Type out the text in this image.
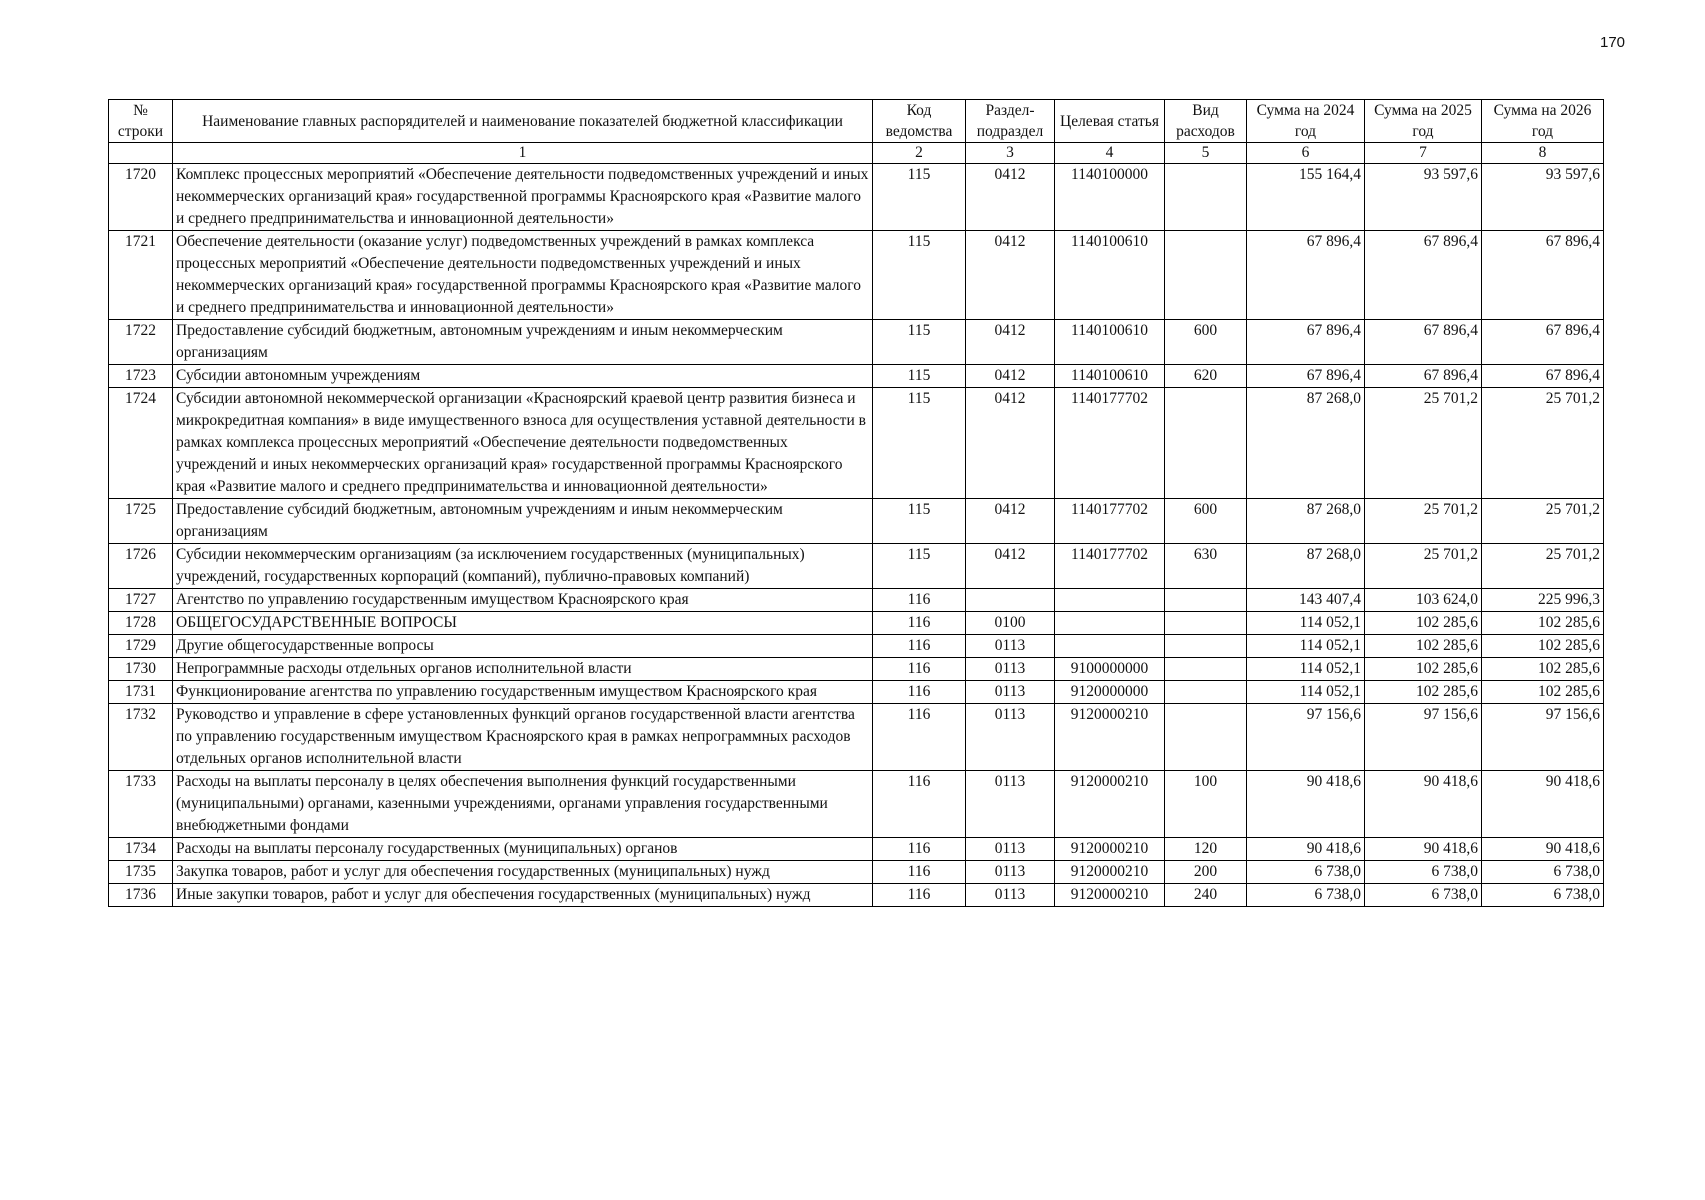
170
№ строки	Наименование главных распорядителей и наименование показателей бюджетной классификации	Код ведомства	Раздел-подраздел	Целевая статья	Вид расходов	Сумма на 2024 год	Сумма на 2025 год	Сумма на 2026 год
	1	2	3	4	5	6	7	8
1720	Комплекс процессных мероприятий «Обеспечение деятельности подведомственных учреждений и иных некоммерческих организаций края» государственной программы Красноярского края «Развитие малого и среднего предпринимательства и инновационной деятельности»	115	0412	1140100000		155 164,4	93 597,6	93 597,6
1721	Обеспечение деятельности (оказание услуг) подведомственных учреждений в рамках комплекса процессных мероприятий «Обеспечение деятельности подведомственных учреждений и иных некоммерческих организаций края» государственной программы Красноярского края «Развитие малого и среднего предпринимательства и инновационной деятельности»	115	0412	1140100610		67 896,4	67 896,4	67 896,4
1722	Предоставление субсидий бюджетным, автономным учреждениям и иным некоммерческим организациям	115	0412	1140100610	600	67 896,4	67 896,4	67 896,4
1723	Субсидии автономным учреждениям	115	0412	1140100610	620	67 896,4	67 896,4	67 896,4
1724	Субсидии автономной некоммерческой организации «Красноярский краевой центр развития бизнеса и микрокредитная компания» в виде имущественного взноса для осуществления уставной деятельности в рамках комплекса процессных мероприятий «Обеспечение деятельности подведомственных учреждений и иных некоммерческих организаций края» государственной программы Красноярского края «Развитие малого и среднего предпринимательства и инновационной деятельности»	115	0412	1140177702		87 268,0	25 701,2	25 701,2
1725	Предоставление субсидий бюджетным, автономным учреждениям и иным некоммерческим организациям	115	0412	1140177702	600	87 268,0	25 701,2	25 701,2
1726	Субсидии некоммерческим организациям (за исключением государственных (муниципальных) учреждений, государственных корпораций (компаний), публично-правовых компаний)	115	0412	1140177702	630	87 268,0	25 701,2	25 701,2
1727	Агентство по управлению государственным имуществом Красноярского края	116				143 407,4	103 624,0	225 996,3
1728	ОБЩЕГОСУДАРСТВЕННЫЕ ВОПРОСЫ	116	0100			114 052,1	102 285,6	102 285,6
1729	Другие общегосударственные вопросы	116	0113			114 052,1	102 285,6	102 285,6
1730	Непрограммные расходы отдельных органов исполнительной власти	116	0113	9100000000		114 052,1	102 285,6	102 285,6
1731	Функционирование агентства по управлению государственным имуществом Красноярского края	116	0113	9120000000		114 052,1	102 285,6	102 285,6
1732	Руководство и управление в сфере установленных функций органов государственной власти агентства по управлению государственным имуществом Красноярского края в рамках непрограммных расходов отдельных органов исполнительной власти	116	0113	9120000210		97 156,6	97 156,6	97 156,6
1733	Расходы на выплаты персоналу в целях обеспечения выполнения функций государственными (муниципальными) органами, казенными учреждениями, органами управления государственными внебюджетными фондами	116	0113	9120000210	100	90 418,6	90 418,6	90 418,6
1734	Расходы на выплаты персоналу государственных (муниципальных) органов	116	0113	9120000210	120	90 418,6	90 418,6	90 418,6
1735	Закупка товаров, работ и услуг для обеспечения государственных (муниципальных) нужд	116	0113	9120000210	200	6 738,0	6 738,0	6 738,0
1736	Иные закупки товаров, работ и услуг для обеспечения государственных (муниципальных) нужд	116	0113	9120000210	240	6 738,0	6 738,0	6 738,0
